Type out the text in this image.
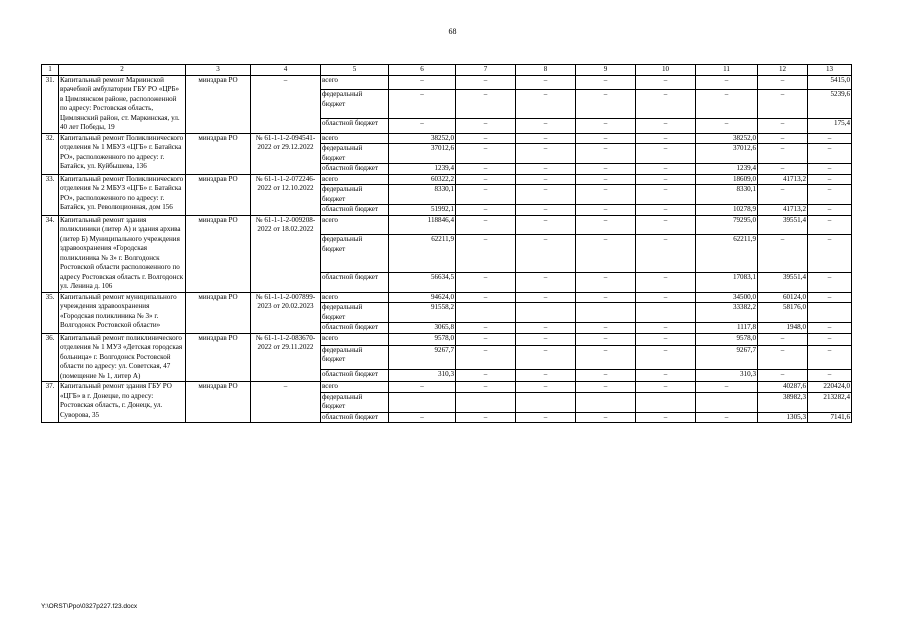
68
1	2	3	4	5	6	7	8	9	10	11	12	13
31.	Капитальный ремонт Мариинской врачебной амбулатории ГБУ РО «ЦРБ» в Цимлянском районе, расположенной по адресу: Ростовская область, Цимлянский район, ст. Маркинская, ул. 40 лет Победы, 19	минздрав РО	–	всего	–	–	–	–	–	–	–	5415,0
				федеральный бюджет	–	–	–	–	–	–	–	5239,6
				областной бюджет	–	–	–	–	–	–	–	175,4
32.	Капитальный ремонт Поликлинического отделения № 1 МБУЗ «ЦГБ» г. Батайска РО», расположенного по адресу: г. Батайск, ул. Куйбышева, 136	минздрав РО	№ 61-1-1-2-094541-2022 от 29.12.2022	всего	38252,0	–	–	–	–	38252,0	–	–
				федеральный бюджет	37012,6	–	–	–	–	37012,6	–	–
				областной бюджет	1239,4	–	–	–	–	1239,4	–	–
33.	Капитальный ремонт Поликлинического отделения № 2 МБУЗ «ЦГБ» г. Батайска РО», расположенного по адресу: г. Батайск, ул. Революционная, дом 156	минздрав РО	№ 61-1-1-2-072246-2022 от 12.10.2022	всего	60322,2	–	–	–	–	18609,0	41713,2	–
				федеральный бюджет	8330,1	–	–	–	–	8330,1	–	–
				областной бюджет	51992,1	–	–	–	–	10278,9	41713,2	–
34.	Капитальный ремонт здания поликлиники (литер А) и здания архива (литер Б) Муниципального учреждения здравоохранения «Городская поликлиника № 3» г. Волгодонск Ростовской области расположенного по адресу Ростовская область г. Волгодонск ул. Ленина д. 106	минздрав РО	№ 61-1-1-2-009208-2022 от 18.02.2022	всего	118846,4	–	–	–	–	79295,0	39551,4	–
				федеральный бюджет	62211,9	–	–	–	–	62211,9	–	–
				областной бюджет	56634,5	–	–	–	–	17083,1	39551,4	–
35.	Капитальный ремонт муниципального учреждения здравоохранения «Городская поликлиника № 3» г. Волгодонск Ростовской области»	минздрав РО	№ 61-1-1-2-007899-2023 от 20.02.2023	всего	94624,0	–	–	–	–	34500,0	60124,0	–
				федеральный бюджет	91558,2					33382,2	58176,0	
				областной бюджет	3065,8	–	–	–	–	1117,8	1948,0	–
36.	Капитальный ремонт поликлинического отделения № 1 МУЗ «Детская городская больница» г. Волгодонск Ростовской области по адресу: ул. Советская, 47 (помещение № 1, литер А)	минздрав РО	№ 61-1-1-2-083670-2022 от 29.11.2022	всего	9578,0	–	–	–	–	9578,0	–	–
				федеральный бюджет	9267,7	–	–	–	–	9267,7	–	–
				областной бюджет	310,3	–	–	–	–	310,3	–	–
37.	Капитальный ремонт здания ГБУ РО «ЦГБ» в г. Донецке, по адресу: Ростовская область, г. Донецк, ул. Суворова, 35	минздрав РО	–	всего	–	–	–	–	–	–	40287,6	220424,0
				федеральный бюджет							38982,3	213282,4
				областной бюджет	–	–	–	–	–	–	1305,3	7141,6
Y:\ORST\Ppo\0327p227.f23.docx
